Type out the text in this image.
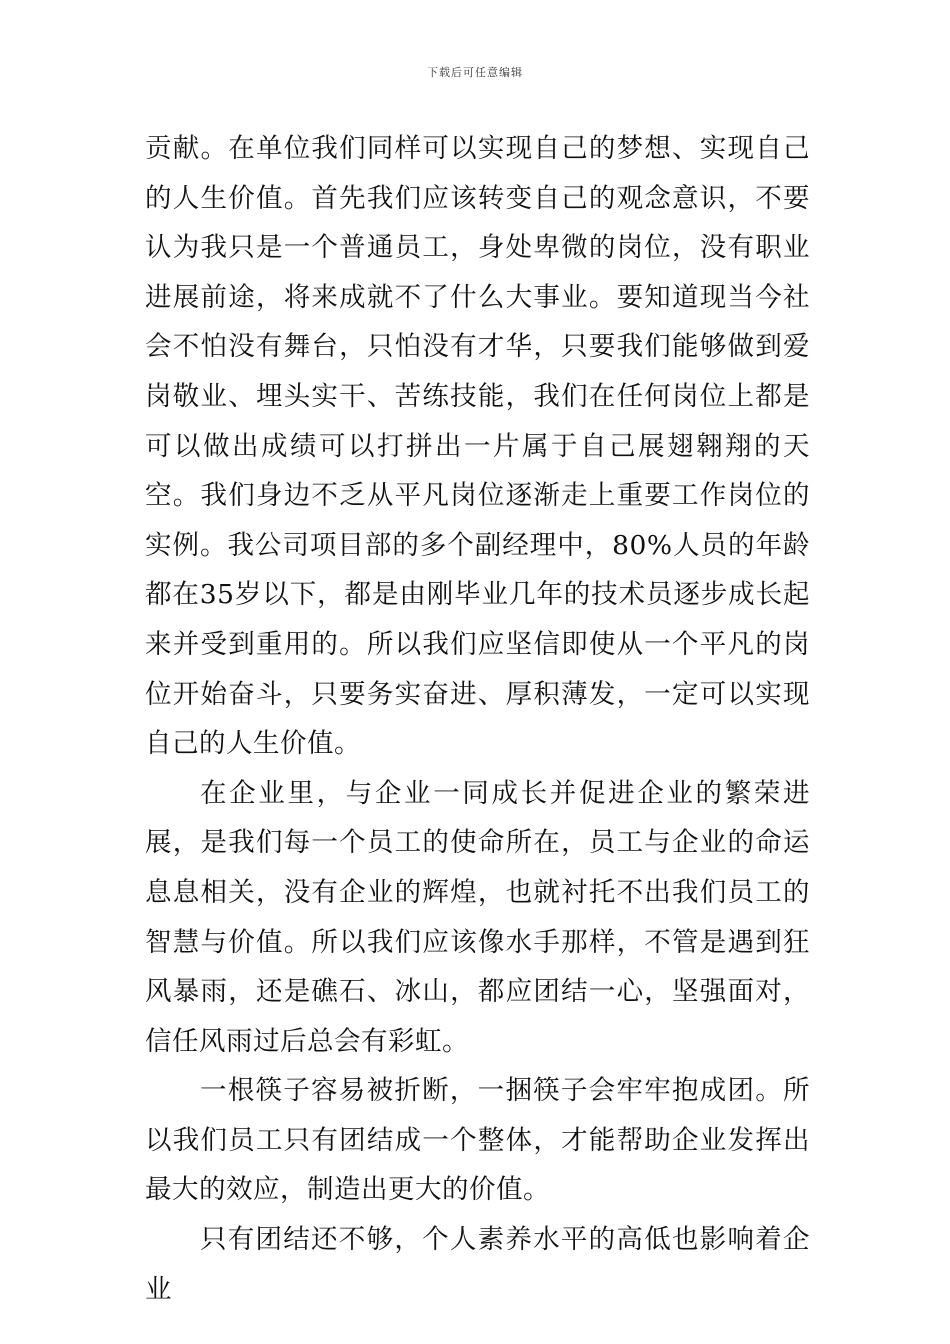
下载后可任意编辑

贡献。在单位我们同样可以实现自己的梦想、实现自己的人生价值。首先我们应该转变自己的观念意识，不要认为我只是一个普通员工，身处卑微的岗位，没有职业进展前途，将来成就不了什么大事业。要知道现当今社会不怕没有舞台，只怕没有才华，只要我们能够做到爱岗敬业、埋头实干、苦练技能，我们在任何岗位上都是可以做出成绩可以打拼出一片属于自己展翅翱翔的天空。我们身边不乏从平凡岗位逐渐走上重要工作岗位的实例。我公司项目部的多个副经理中，80%人员的年龄都在35岁以下，都是由刚毕业几年的技术员逐步成长起来并受到重用的。所以我们应坚信即使从一个平凡的岗位开始奋斗，只要务实奋进、厚积薄发，一定可以实现自己的人生价值。

在企业里，与企业一同成长并促进企业的繁荣进展，是我们每一个员工的使命所在，员工与企业的命运息息相关，没有企业的辉煌，也就衬托不出我们员工的智慧与价值。所以我们应该像水手那样，不管是遇到狂风暴雨，还是礁石、冰山，都应团结一心，坚强面对，信任风雨过后总会有彩虹。

一根筷子容易被折断，一捆筷子会牢牢抱成团。所以我们员工只有团结成一个整体，才能帮助企业发挥出最大的效应，制造出更大的价值。

只有团结还不够，个人素养水平的高低也影响着企业
